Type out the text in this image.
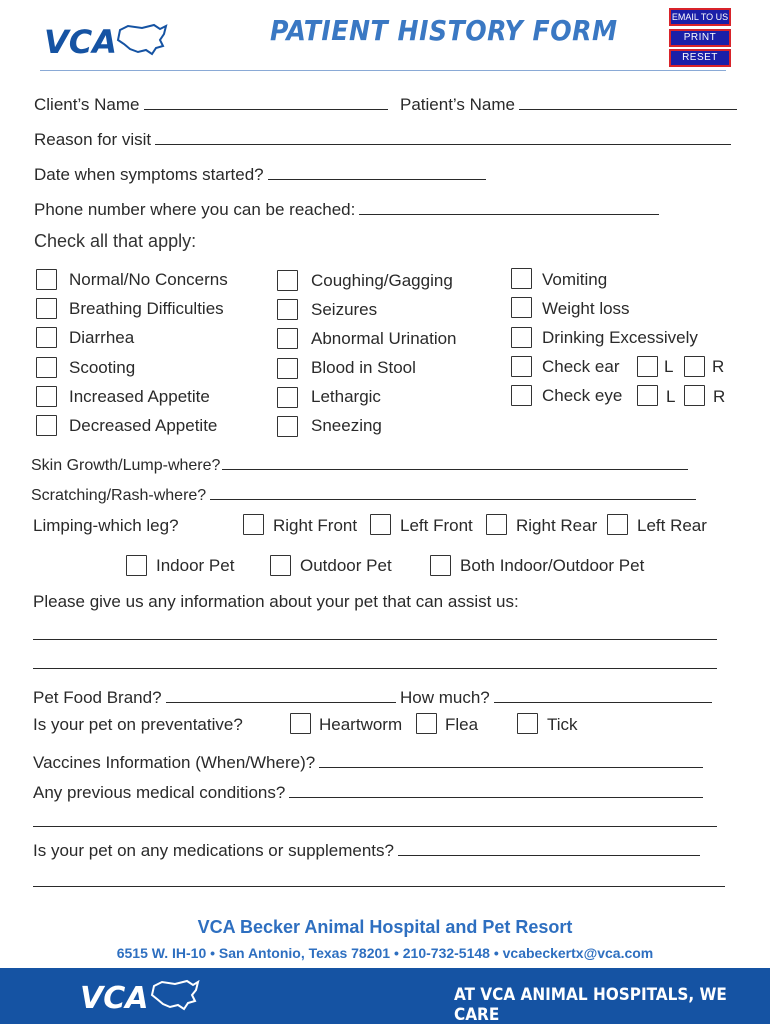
VCA	PATIENT HISTORY FORM	EMAIL TO US
PRINT
RESET
Client’s Name	Patient’s Name
Reason for visit
Date when symptoms started?
Phone number where you can be reached:
Check all that apply:
Normal/No Concerns
Breathing Difficulties
Diarrhea
Scooting
Increased Appetite
Decreased Appetite
Coughing/Gagging
Seizures
Abnormal Urination
Blood in Stool
Lethargic
Sneezing
Vomiting
Weight loss
Drinking Excessively
Check ear	L R
Check eye	L R
Skin Growth/Lump-where?
Scratching/Rash-where?
Limping-which leg?	Right Front	Left Front	Right Rear Left Rear
Indoor Pet	Outdoor Pet	Both Indoor/Outdoor Pet
Please give us any information about your pet that can assist us:
Pet Food Brand?	How much?
Is your pet on preventative?	Heartworm	Flea	Tick
Vaccines Information (When/Where)?
Any previous medical conditions?
Is your pet on any medications or supplements?
VCA Becker Animal Hospital and Pet Resort
6515 W. IH-10 • San Antonio, Texas 78201 • 210-732-5148 • vcabeckertx@vca.com
VCA	AT VCA ANIMAL HOSPITALS, WE CARE
